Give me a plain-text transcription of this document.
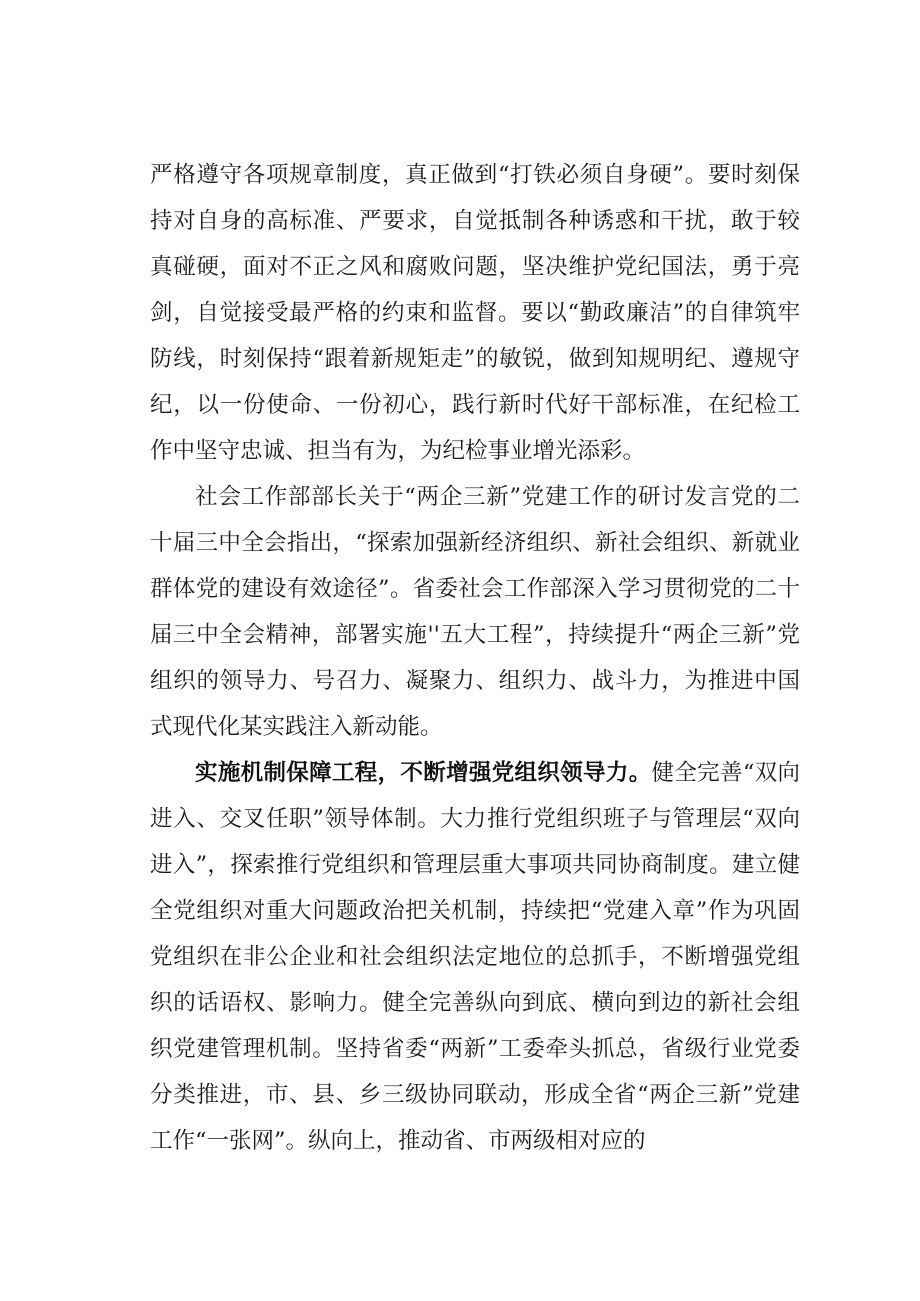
严格遵守各项规章制度，真正做到“打铁必须自身硬”。要时刻保持对自身的高标准、严要求，自觉抵制各种诱惑和干扰，敢于较真碰硬，面对不正之风和腐败问题，坚决维护党纪国法，勇于亮剑，自觉接受最严格的约束和监督。要以“勤政廉洁”的自律筑牢防线，时刻保持“跟着新规矩走”的敏锐，做到知规明纪、遵规守纪，以一份使命、一份初心，践行新时代好干部标准，在纪检工作中坚守忠诚、担当有为，为纪检事业增光添彩。

社会工作部部长关于“两企三新”党建工作的研讨发言党的二十届三中全会指出，“探索加强新经济组织、新社会组织、新就业群体党的建设有效途径”。省委社会工作部深入学习贯彻党的二十届三中全会精神，部署实施''五大工程”，持续提升“两企三新”党组织的领导力、号召力、凝聚力、组织力、战斗力，为推进中国式现代化某实践注入新动能。

实施机制保障工程，不断增强党组织领导力。健全完善“双向进入、交叉任职”领导体制。大力推行党组织班子与管理层“双向进入”，探索推行党组织和管理层重大事项共同协商制度。建立健全党组织对重大问题政治把关机制，持续把“党建入章”作为巩固党组织在非公企业和社会组织法定地位的总抓手，不断增强党组织的话语权、影响力。健全完善纵向到底、横向到边的新社会组织党建管理机制。坚持省委“两新”工委牵头抓总，省级行业党委分类推进，市、县、乡三级协同联动，形成全省“两企三新”党建工作“一张网”。纵向上，推动省、市两级相对应的
